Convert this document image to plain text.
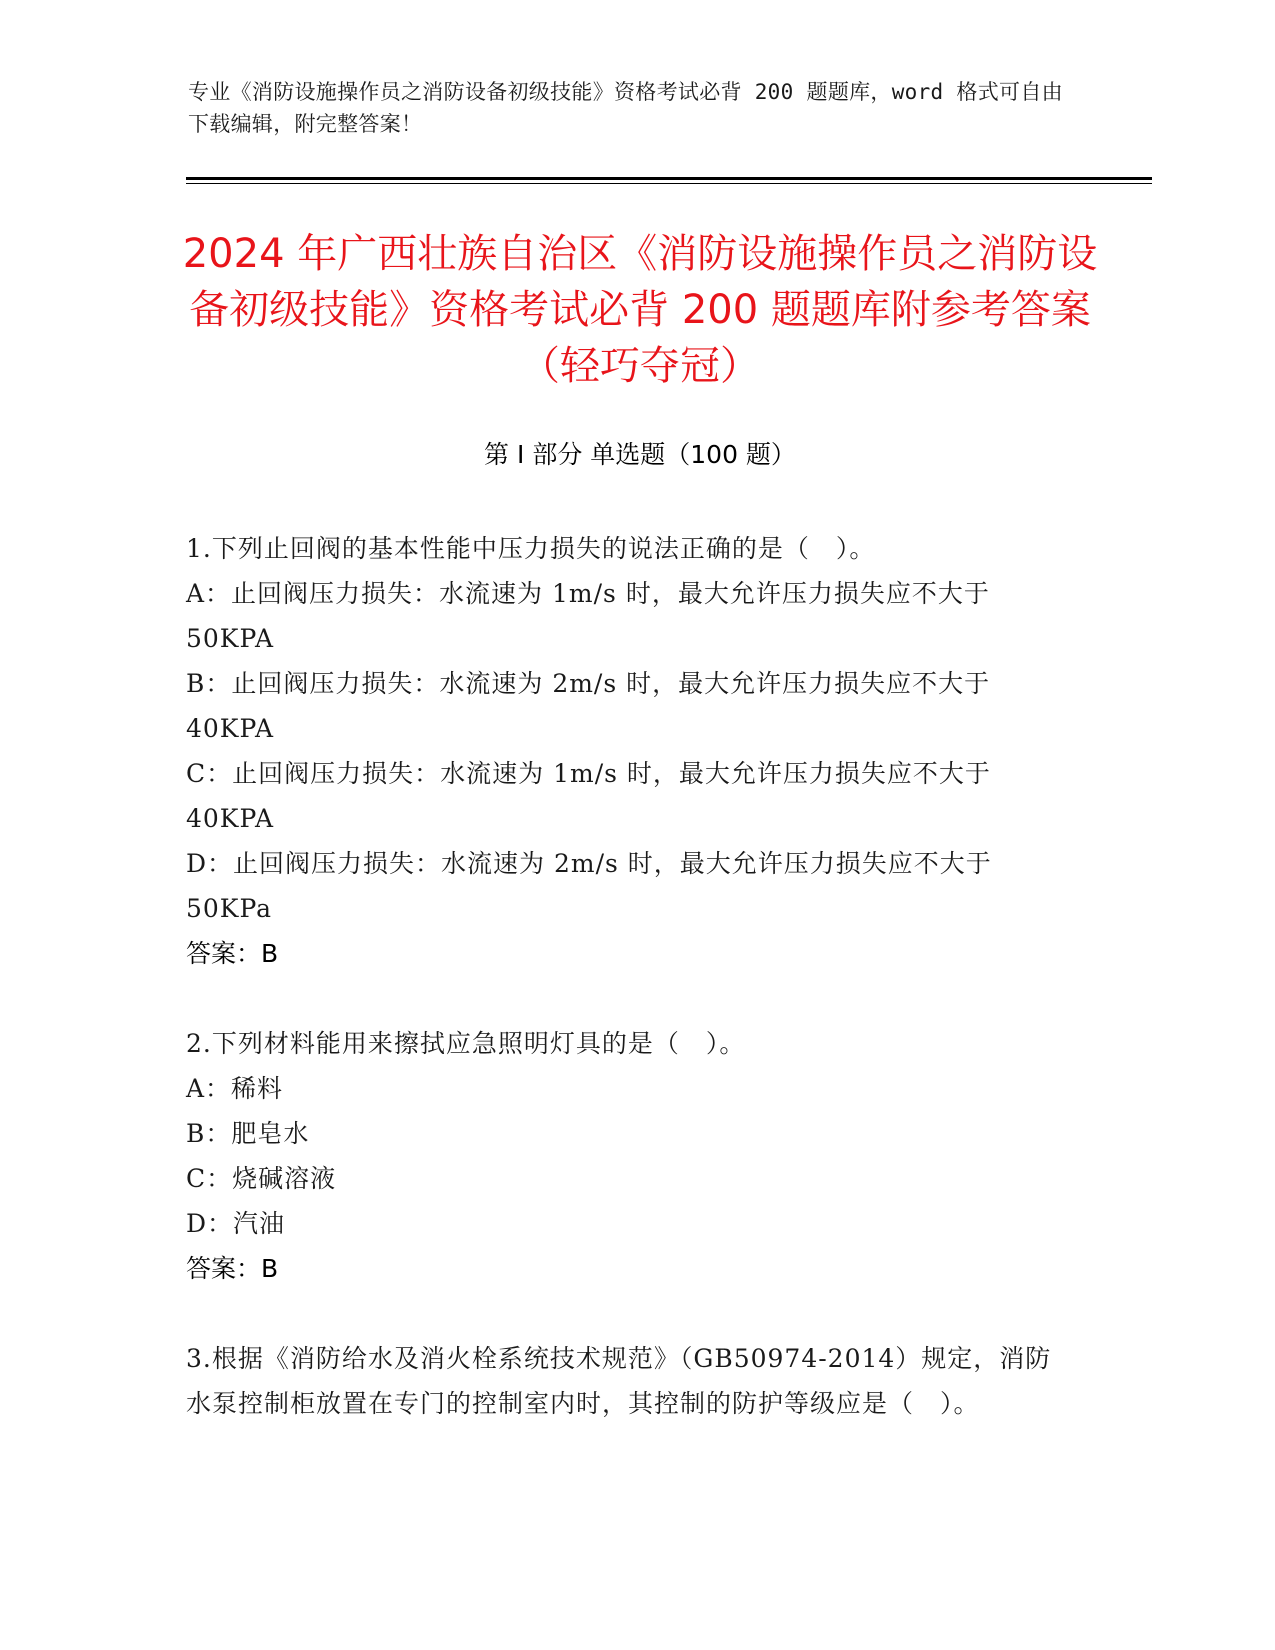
专业《消防设施操作员之消防设备初级技能》资格考试必背 200 题题库，word 格式可自由下载编辑，附完整答案！
2024 年广西壮族自治区《消防设施操作员之消防设备初级技能》资格考试必背 200 题题库附参考答案（轻巧夺冠）
第 I 部分 单选题（100 题）
1.下列止回阀的基本性能中压力损失的说法正确的是（　）。
A：止回阀压力损失：水流速为 1m/s 时，最大允许压力损失应不大于 50KPA
B：止回阀压力损失：水流速为 2m/s 时，最大允许压力损失应不大于 40KPA
C：止回阀压力损失：水流速为 1m/s 时，最大允许压力损失应不大于 40KPA
D：止回阀压力损失：水流速为 2m/s 时，最大允许压力损失应不大于 50KPa
答案：B
2.下列材料能用来擦拭应急照明灯具的是（　）。
A：稀料
B：肥皂水
C：烧碱溶液
D：汽油
答案：B
3.根据《消防给水及消火栓系统技术规范》（GB50974-2014）规定，消防水泵控制柜放置在专门的控制室内时，其控制的防护等级应是（　）。
